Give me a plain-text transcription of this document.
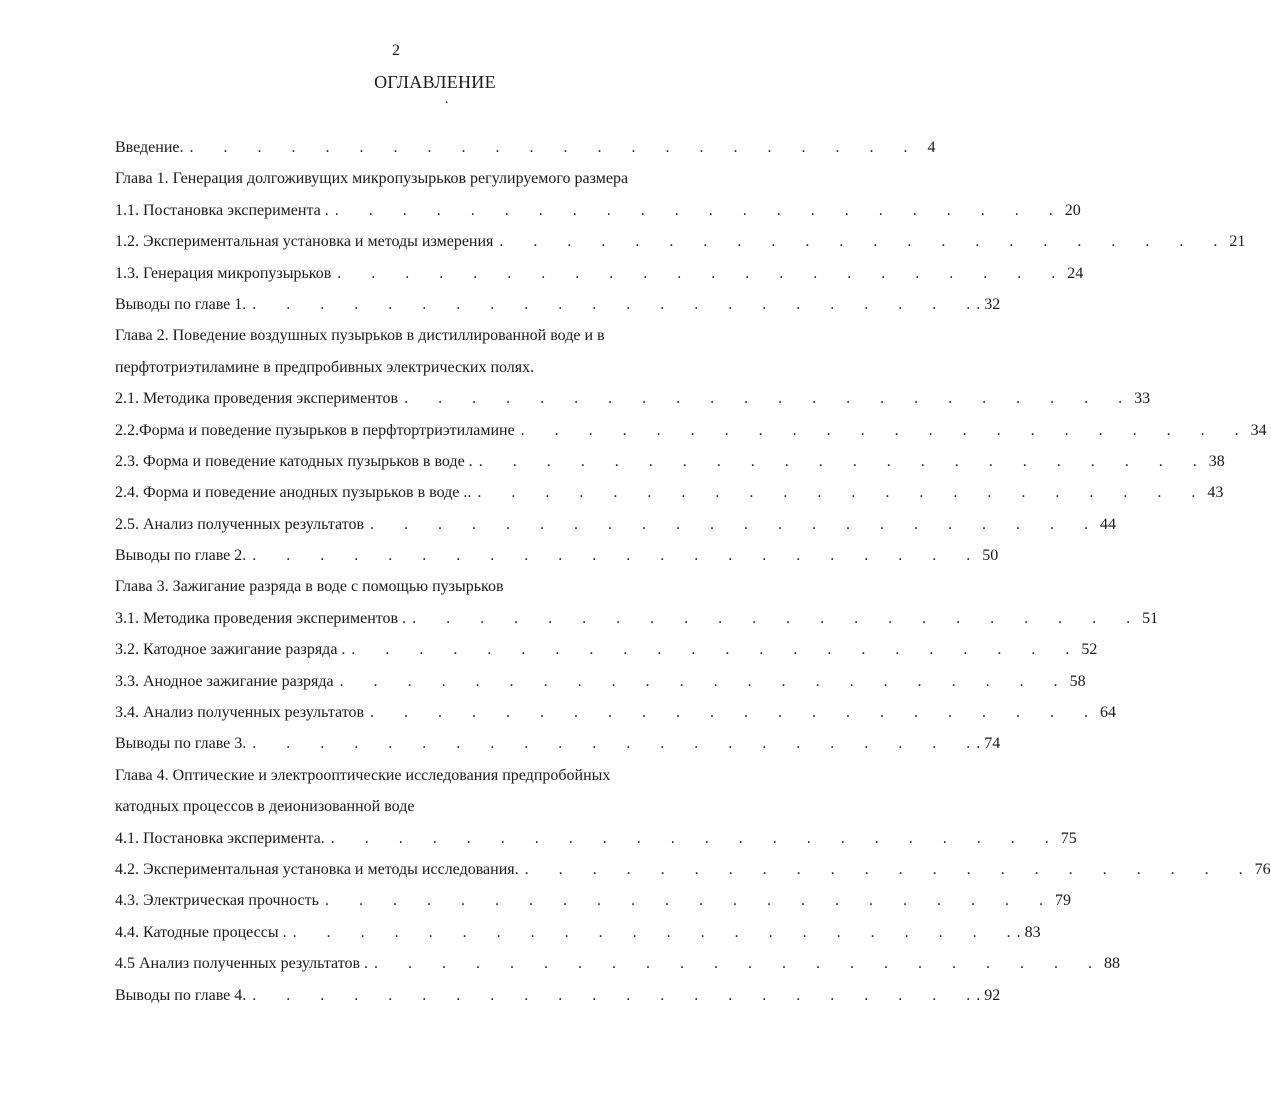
2
ОГЛАВЛЕНИЕ
.
Введение. . . . . . . . . . . . . . . . . . . . . . .	4
Глава 1. Генерация долгоживущих микропузырьков регулируемого размера
1.1. Постановка эксперимента . . . . . . . . . . . . . . . . . . . . . . . 20
1.2. Экспериментальная установка и методы измерения . . . . . . . . . . . . . . . . . . . . . . 21
1.3. Генерация микропузырьков . . . . . . . . . . . . . . . . . . . . . . 24
Выводы по главе 1. . . . . . . . . . . . . . . . . . . . . . . . 32
Глава 2. Поведение воздушных пузырьков в дистиллированной воде и в
перфтотриэтиламине в предпробивных электрических полях.
2.1. Методика проведения экспериментов . . . . . . . . . . . . . . . . . . . . . . 33
2.2.Форма и поведение пузырьков в перфтортриэтиламине . . . . . . . . . . . . . . . . . . . . . . 34
2.3. Форма и поведение катодных пузырьков в воде . . . . . . . . . . . . . . . . . . . . . . . 38
2.4. Форма и поведение анодных пузырьков в воде .. . . . . . . . . . . . . . . . . . . . . . . 43
2.5. Анализ полученных результатов . . . . . . . . . . . . . . . . . . . . . . 44
Выводы по главе 2. . . . . . . . . . . . . . . . . . . . . . . 50
Глава 3. Зажигание разряда в воде с помощью пузырьков
3.1. Методика проведения экспериментов . . . . . . . . . . . . . . . . . . . . . . . 51
3.2. Катодное зажигание разряда . . . . . . . . . . . . . . . . . . . . . . . 52
3.3. Анодное зажигание разряда . . . . . . . . . . . . . . . . . . . . . . 58
3.4. Анализ полученных результатов . . . . . . . . . . . . . . . . . . . . . . 64
Выводы по главе 3. . . . . . . . . . . . . . . . . . . . . . . . 74
Глава 4. Оптические и электрооптические исследования предпробойных
катодных процессов в деионизованной воде
4.1. Постановка эксперимента. . . . . . . . . . . . . . . . . . . . . . . 75
4.2. Экспериментальная установка и методы исследования. . . . . . . . . . . . . . . . . . . . . . . 76
4.3. Электрическая прочность . . . . . . . . . . . . . . . . . . . . . . 79
4.4. Катодные процессы . . . . . . . . . . . . . . . . . . . . . . . . 83
4.5 Анализ полученных результатов . . . . . . . . . . . . . . . . . . . . . . . 88
Выводы по главе 4. . . . . . . . . . . . . . . . . . . . . . . . 92
